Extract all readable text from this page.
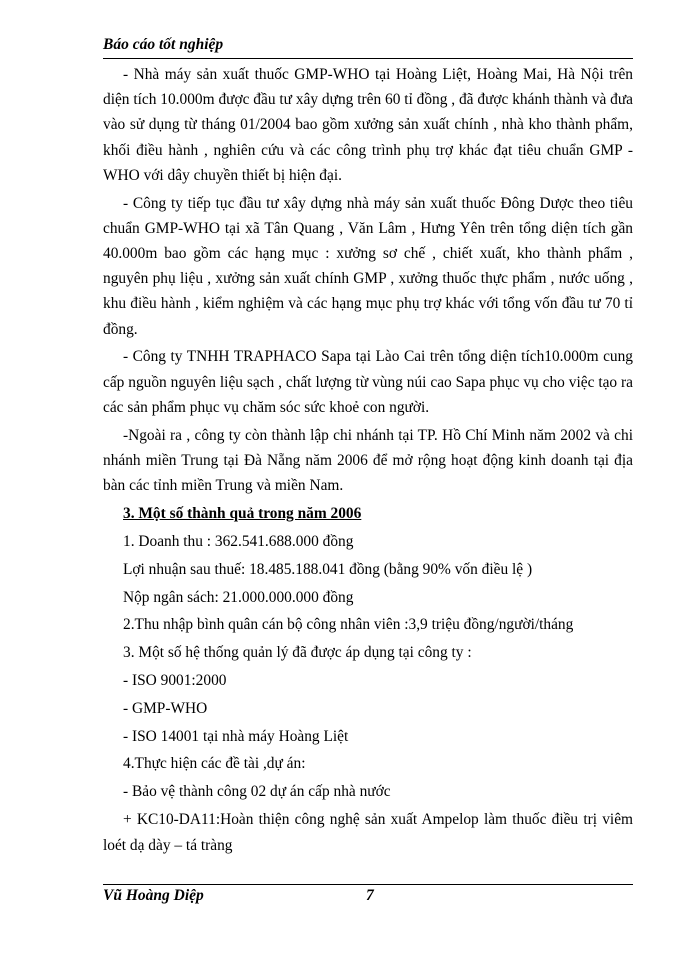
Báo cáo tốt nghiệp

- Nhà máy sản xuất thuốc GMP-WHO tại Hoàng Liệt, Hoàng Mai, Hà Nội trên diện tích 10.000m được đầu tư xây dựng trên 60 tỉ đồng , đã được khánh thành và đưa vào sử dụng từ tháng 01/2004 bao gồm xưởng sản xuất chính , nhà kho thành phẩm, khối điều hành , nghiên cứu và các công trình phụ trợ khác đạt tiêu chuẩn GMP -WHO với dây chuyền thiết bị hiện đại.

- Công ty tiếp tục đầu tư xây dựng nhà máy sản xuất thuốc Đông Dược theo tiêu chuẩn GMP-WHO tại xã Tân Quang , Văn Lâm , Hưng Yên trên tổng diện tích gần 40.000m bao gồm các hạng mục : xưởng sơ chế , chiết xuất, kho thành phẩm , nguyên phụ liệu , xưởng sản xuất chính GMP , xưởng thuốc thực phẩm , nước uống , khu điều hành , kiểm nghiệm và các hạng mục phụ trợ khác với tổng vốn đầu tư 70 tỉ đồng.

- Công ty TNHH TRAPHACO Sapa tại Lào Cai trên tổng diện tích10.000m cung cấp nguồn nguyên liệu sạch , chất lượng từ vùng núi cao Sapa phục vụ cho việc tạo ra các sản phẩm phục vụ chăm sóc sức khoẻ con người.

-Ngoài ra , công ty còn thành lập chi nhánh tại TP. Hồ Chí Minh năm 2002 và chi nhánh miền Trung tại Đà Nẵng năm 2006 để mở rộng hoạt động kinh doanh tại địa bàn các tỉnh miền Trung và miền Nam.

3. Một số thành quả trong năm 2006
1. Doanh thu : 362.541.688.000 đồng
Lợi nhuận sau thuế: 18.485.188.041 đồng (bằng 90% vốn điều lệ )
Nộp ngân sách: 21.000.000.000 đồng
2.Thu nhập bình quân cán bộ công nhân viên :3,9 triệu đồng/người/tháng
3. Một số hệ thống quản lý đã được áp dụng tại công ty :
- ISO 9001:2000
- GMP-WHO
- ISO 14001 tại nhà máy Hoàng Liệt
4.Thực hiện các đề tài ,dự án:
- Bảo vệ thành công 02 dự án cấp nhà nước

+ KC10-DA11:Hoàn thiện công nghệ sản xuất Ampelop làm thuốc điều trị viêm loét dạ dày – tá tràng

Vũ Hoàng Diệp	7
